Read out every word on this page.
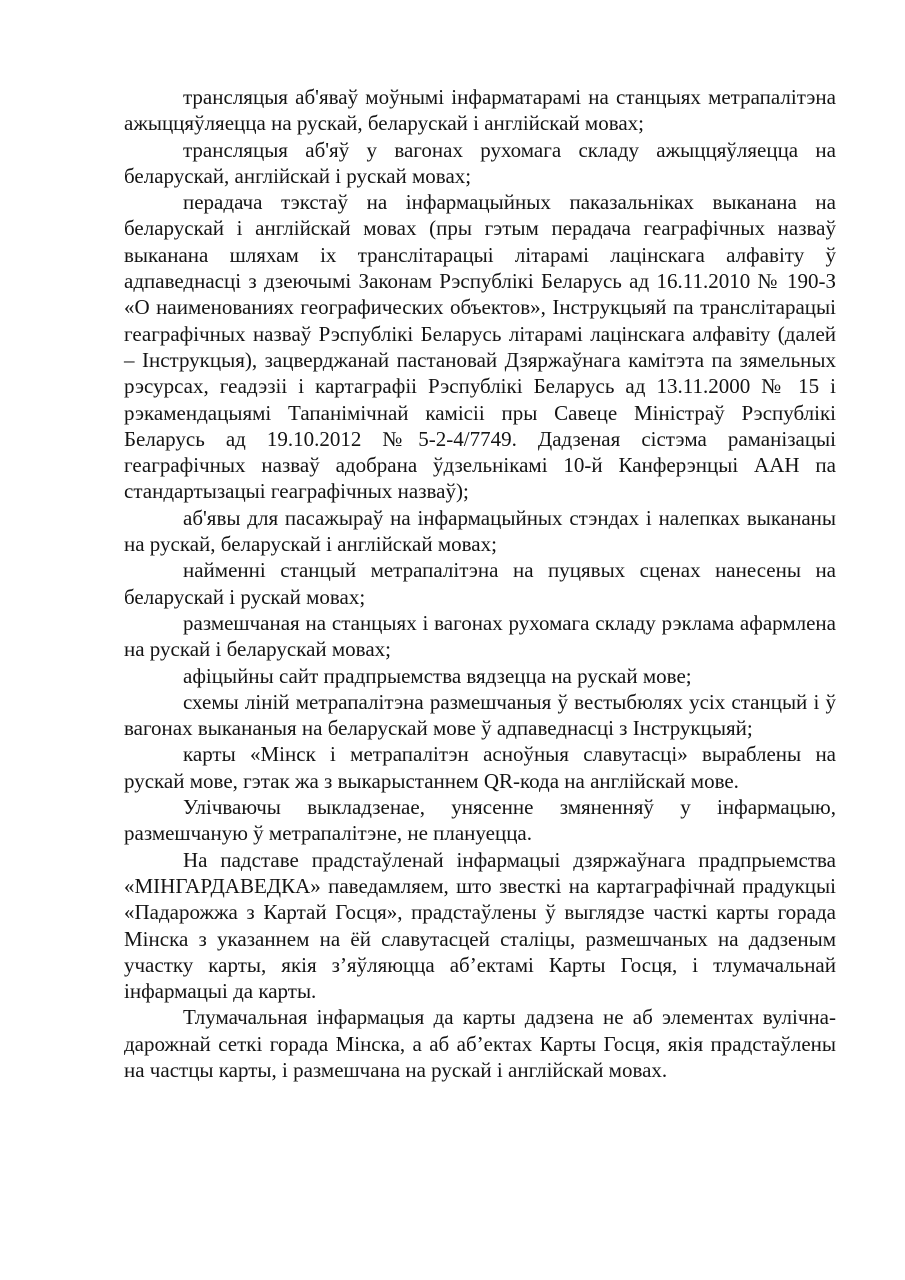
трансляцыя аб'яваў моўнымі інфарматарамі на станцыях метрапалітэна ажыццяўляецца на рускай, беларускай і англійскай мовах;

трансляцыя аб'яў у вагонах рухомага складу ажыццяўляецца на беларускай, англійскай і рускай мовах;

перадача тэкстаў на інфармацыйных паказальніках выканана на беларускай і англійскай мовах (пры гэтым перадача геаграфічных назваў выканана шляхам іх транслітарацыі літарамі лацінскага алфавіту ў адпаведнасці з дзеючымі Законам Рэспублікі Беларусь ад 16.11.2010 № 190-З «О наименованиях географических объектов», Інструкцыяй па транслітарацыі геаграфічных назваў Рэспублікі Беларусь літарамі лацінскага алфавіту (далей – Інструкцыя), зацверджанай пастановай Дзяржаўнага камітэта па зямельных рэсурсах, геадэзіі і картаграфіі Рэспублікі Беларусь ад 13.11.2000 № 15 і рэкамендацыямі Тапанімічнай камісіі пры Савеце Міністраў Рэспублікі Беларусь ад 19.10.2012 №5-2-4/7749. Дадзеная сістэма раманізацыі геаграфічных назваў адобрана ўдзельнікамі 10-й Канферэнцыі ААН па стандартызацыі геаграфічных назваў);

аб'явы для пасажыраў на інфармацыйных стэндах і налепках выкананы на рускай, беларускай і англійскай мовах;

найменні станцый метрапалітэна на пуцявых сценах нанесены на беларускай і рускай мовах;

размешчаная на станцыях і вагонах рухомага складу рэклама афармлена на рускай і беларускай мовах;

афіцыйны сайт прадпрыемства вядзецца на рускай мове;

схемы ліній метрапалітэна размешчаныя ў вестыбюлях усіх станцый і ў вагонах выкананыя на беларускай мове ў адпаведнасці з Інструкцыяй;

карты «Мінск і метрапалітэн асноўныя славутасці» выраблены на рускай мове, гэтак жа з выкарыстаннем QR-кода на англійскай мове.

Улічваючы выкладзенае, унясенне змяненняў у інфармацыю, размешчаную ў метрапалітэне, не плануецца.

На падставе прадстаўленай інфармацыі дзяржаўнага прадпрыемства «МІНГАРДАВЕДКА» паведамляем, што звесткі на картаграфічнай прадукцыі «Падарожжа з Картай Госця», прадстаўлены ў выглядзе часткі карты горада Мінска з указаннем на ёй славутасцей сталіцы, размешчаных на дадзеным участку карты, якія з’яўляюцца аб’ектамі Карты Госця, і тлумачальнай інфармацыі да карты.

Тлумачальная інфармацыя да карты дадзена не аб элементах вулічна-дарожнай сеткі горада Мінска, а аб аб’ектах Карты Госця, якія прадстаўлены на частцы карты, і размешчана на рускай і англійскай мовах.
